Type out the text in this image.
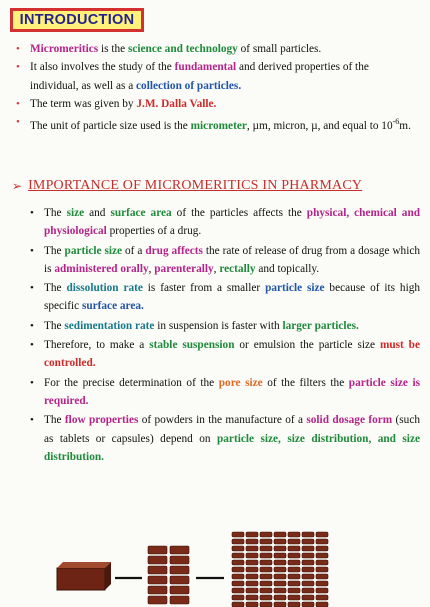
INTRODUCTION
• Micromeritics is the science and technology of small particles.
• It also involves the study of the fundamental and derived properties of the individual, as well as a collection of particles.
• The term was given by J.M. Dalla Valle.
• The unit of particle size used is the micrometer, µm, micron, µ, and equal to $10^{-6}m$.
➢ IMPORTANCE OF MICROMERITICS IN PHARMACY
• The size and surface area of the particles affects the physical, chemical and physiological properties of a drug.
• The particle size of a drug affects the rate of release of drug from a dosage which is administered orally, parenterally, rectally and topically.
• The dissolution rate is faster from a smaller particle size because of its high specific surface area.
• The sedimentation rate in suspension is faster with larger particles.
• Therefore, to make a stable suspension or emulsion the particle size must be controlled.
• For the precise determination of the pore size of the filters the particle size is required.
• The flow properties of powders in the manufacture of a solid dosage form (such as tablets or capsules) depend on particle size, size distribution, and size distribution.
